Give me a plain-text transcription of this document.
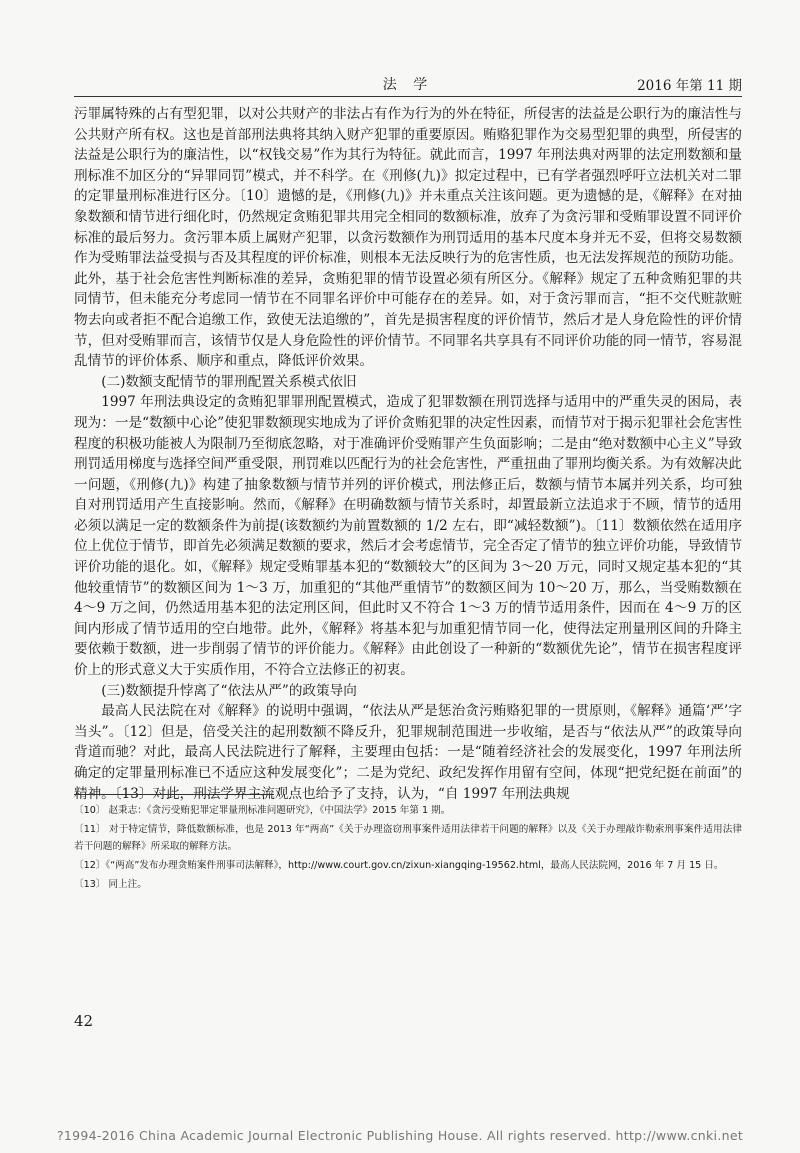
法 学	2016 年第 11 期

污罪属特殊的占有型犯罪，以对公共财产的非法占有作为行为的外在特征，所侵害的法益是公职行为的廉洁性与公共财产所有权。这也是首部刑法典将其纳入财产犯罪的重要原因。贿赂犯罪作为交易型犯罪的典型，所侵害的法益是公职行为的廉洁性，以“权钱交易”作为其行为特征。就此而言，1997 年刑法典对两罪的法定刑数额和量刑标准不加区分的“异罪同罚”模式，并不科学。在《刑修(九)》拟定过程中，已有学者强烈呼吁立法机关对二罪的定罪量刑标准进行区分。〔10〕遗憾的是，《刑修(九)》并未重点关注该问题。更为遗憾的是，《解释》在对抽象数额和情节进行细化时，仍然规定贪贿犯罪共用完全相同的数额标准，放弃了为贪污罪和受贿罪设置不同评价标准的最后努力。贪污罪本质上属财产犯罪，以贪污数额作为刑罚适用的基本尺度本身并无不妥，但将交易数额作为受贿罪法益受损与否及其程度的评价标准，则根本无法反映行为的危害性质，也无法发挥规范的预防功能。此外，基于社会危害性判断标准的差异，贪贿犯罪的情节设置必须有所区分。《解释》规定了五种贪贿犯罪的共同情节，但未能充分考虑同一情节在不同罪名评价中可能存在的差异。如，对于贪污罪而言，“拒不交代赃款赃物去向或者拒不配合追缴工作，致使无法追缴的”，首先是损害程度的评价情节，然后才是人身危险性的评价情节，但对受贿罪而言，该情节仅是人身危险性的评价情节。不同罪名共享具有不同评价功能的同一情节，容易混乱情节的评价体系、顺序和重点，降低评价效果。

(二)数额支配情节的罪刑配置关系模式依旧

1997 年刑法典设定的贪贿犯罪罪刑配置模式，造成了犯罪数额在刑罚选择与适用中的严重失灵的困局，表现为：一是“数额中心论”使犯罪数额现实地成为了评价贪贿犯罪的决定性因素，而情节对于揭示犯罪社会危害性程度的积极功能被人为限制乃至彻底忽略，对于准确评价受贿罪产生负面影响；二是由“绝对数额中心主义”导致刑罚适用梯度与选择空间严重受限，刑罚难以匹配行为的社会危害性，严重扭曲了罪刑均衡关系。为有效解决此一问题，《刑修(九)》构建了抽象数额与情节并列的评价模式，刑法修正后，数额与情节本属并列关系，均可独自对刑罚适用产生直接影响。然而，《解释》在明确数额与情节关系时，却置最新立法追求于不顾，情节的适用必须以满足一定的数额条件为前提(该数额约为前置数额的 1/2 左右，即“减轻数额”)。〔11〕数额依然在适用序位上优位于情节，即首先必须满足数额的要求，然后才会考虑情节，完全否定了情节的独立评价功能，导致情节评价功能的退化。如，《解释》规定受贿罪基本犯的“数额较大”的区间为 3～20 万元，同时又规定基本犯的“其他较重情节”的数额区间为 1～3 万，加重犯的“其他严重情节”的数额区间为 10～20 万，那么，当受贿数额在 4～9 万之间，仍然适用基本犯的法定刑区间，但此时又不符合 1～3 万的情节适用条件，因而在 4～9 万的区间内形成了情节适用的空白地带。此外，《解释》将基本犯与加重犯情节同一化，使得法定刑量刑区间的升降主要依赖于数额，进一步削弱了情节的评价能力。《解释》由此创设了一种新的“数额优先论”，情节在损害程度评价上的形式意义大于实质作用，不符合立法修正的初衷。

(三)数额提升悖离了“依法从严”的政策导向

最高人民法院在对《解释》的说明中强调，“依法从严是惩治贪污贿赂犯罪的一贯原则，《解释》通篇‘严’字当头”。〔12〕但是，倍受关注的起刑数额不降反升，犯罪规制范围进一步收缩，是否与“依法从严”的政策导向背道而驰？对此，最高人民法院进行了解释，主要理由包括：一是“随着经济社会的发展变化，1997 年刑法所确定的定罪量刑标准已不适应这种发展变化”；二是为党纪、政纪发挥作用留有空间，体现“把党纪挺在前面”的精神。〔13〕对此，刑法学界主流观点也给予了支持，认为，“自 1997 年刑法典规

〔10〕 赵秉志：《贪污受贿犯罪定罪量刑标准问题研究》，《中国法学》2015 年第 1 期。

〔11〕 对于特定情节，降低数额标准，也是 2013 年“两高”《关于办理盗窃刑事案件适用法律若干问题的解释》以及《关于办理敲诈勒索刑事案件适用法律若干问题的解释》所采取的解释方法。

〔12〕《“两高”发布办理贪贿案件刑事司法解释》，http://www.court.gov.cn/zixun-xiangqing-19562.html，最高人民法院网，2016 年 7 月 15 日。

〔13〕 同上注。

42
?1994-2016 China Academic Journal Electronic Publishing House. All rights reserved. http://www.cnki.net
